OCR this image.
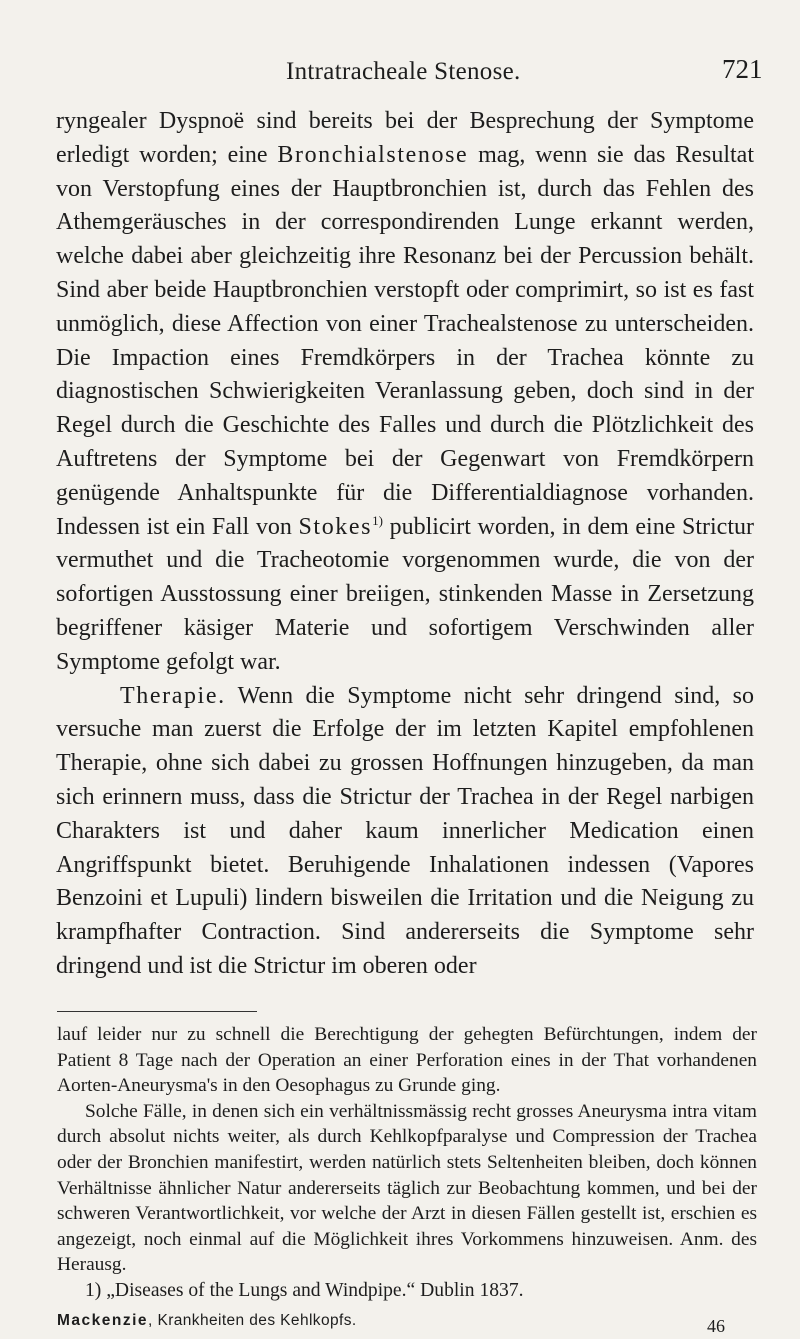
Intratracheale Stenose.	721

ryngealer Dyspnoë sind bereits bei der Besprechung der Symptome erledigt worden; eine Bronchialstenose mag, wenn sie das Resultat von Verstopfung eines der Hauptbronchien ist, durch das Fehlen des Athemgeräusches in der correspondirenden Lunge erkannt werden, welche dabei aber gleichzeitig ihre Resonanz bei der Percussion behält. Sind aber beide Hauptbronchien verstopft oder comprimirt, so ist es fast unmöglich, diese Affection von einer Trachealstenose zu unterscheiden. Die Impaction eines Fremdkörpers in der Trachea könnte zu diagnostischen Schwierigkeiten Veranlassung geben, doch sind in der Regel durch die Geschichte des Falles und durch die Plötzlichkeit des Auftretens der Symptome bei der Gegenwart von Fremdkörpern genügende Anhaltspunkte für die Differentialdiagnose vorhanden. Indessen ist ein Fall von Stokes$^{1)}$ publicirt worden, in dem eine Strictur vermuthet und die Tracheotomie vorgenommen wurde, die von der sofortigen Ausstossung einer breiigen, stinkenden Masse in Zersetzung begriffener käsiger Materie und sofortigem Verschwinden aller Symptome gefolgt war.

Therapie. Wenn die Symptome nicht sehr dringend sind, so versuche man zuerst die Erfolge der im letzten Kapitel empfohlenen Therapie, ohne sich dabei zu grossen Hoffnungen hinzugeben, da man sich erinnern muss, dass die Strictur der Trachea in der Regel narbigen Charakters ist und daher kaum innerlicher Medication einen Angriffspunkt bietet. Beruhigende Inhalationen indessen (Vapores Benzoini et Lupuli) lindern bisweilen die Irritation und die Neigung zu krampfhafter Contraction. Sind andererseits die Symptome sehr dringend und ist die Strictur im oberen oder

lauf leider nur zu schnell die Berechtigung der gehegten Befürchtungen, indem der Patient 8 Tage nach der Operation an einer Perforation eines in der That vorhandenen Aorten-Aneurysma's in den Oesophagus zu Grunde ging.

Solche Fälle, in denen sich ein verhältnissmässig recht grosses Aneurysma intra vitam durch absolut nichts weiter, als durch Kehlkopfparalyse und Compression der Trachea oder der Bronchien manifestirt, werden natürlich stets Seltenheiten bleiben, doch können Verhältnisse ähnlicher Natur andererseits täglich zur Beobachtung kommen, und bei der schweren Verantwortlichkeit, vor welche der Arzt in diesen Fällen gestellt ist, erschien es angezeigt, noch einmal auf die Möglichkeit ihres Vorkommens hinzuweisen. Anm. des Herausg.

1) „Diseases of the Lungs and Windpipe.“ Dublin 1837.

Mackenzie, Krankheiten des Kehlkopfs.	46
